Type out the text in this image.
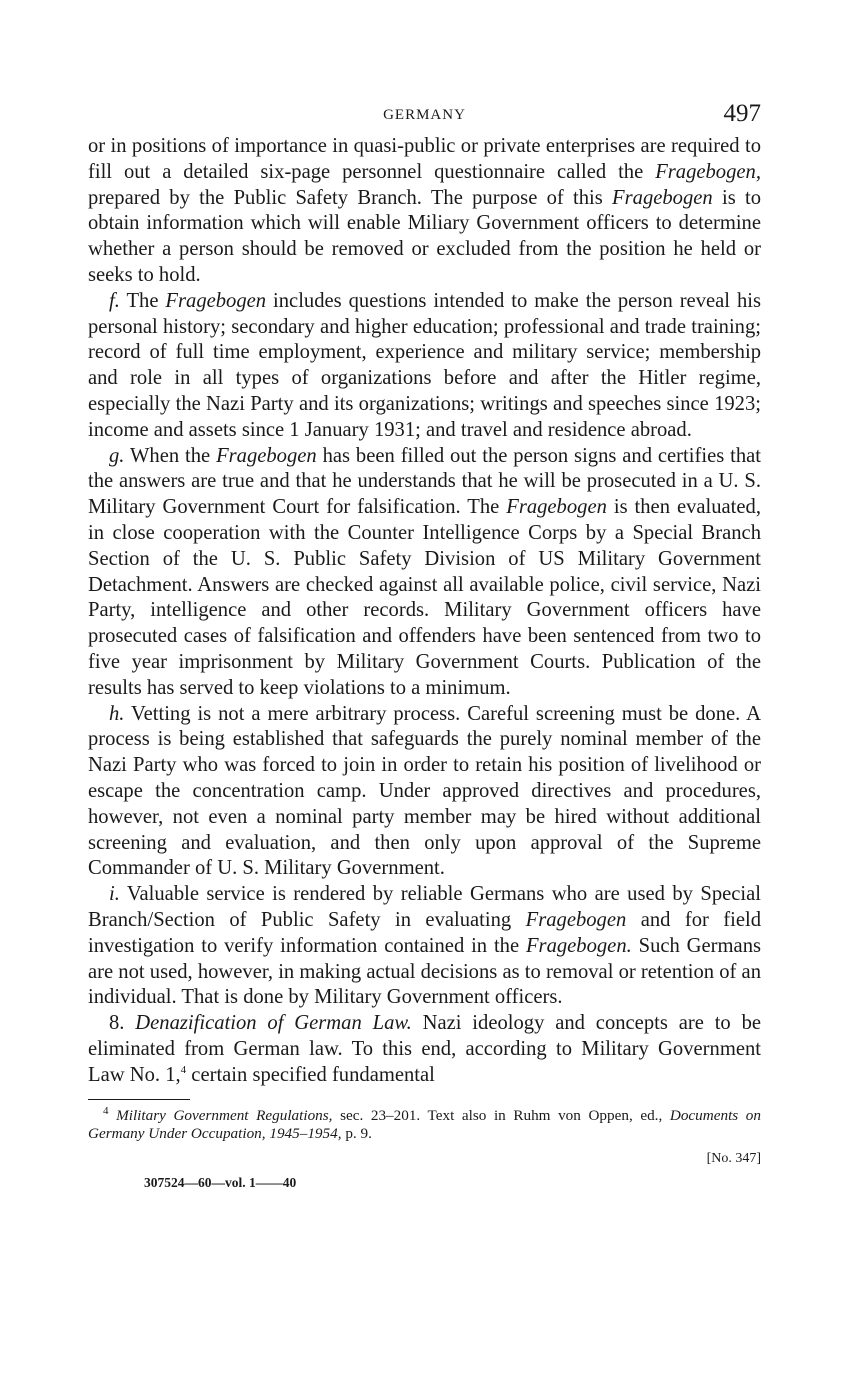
GERMANY	497

or in positions of importance in quasi-public or private enterprises are required to fill out a detailed six-page personnel questionnaire called the Fragebogen, prepared by the Public Safety Branch. The purpose of this Fragebogen is to obtain information which will enable Miliary Government officers to determine whether a person should be removed or excluded from the position he held or seeks to hold.

f. The Fragebogen includes questions intended to make the person reveal his personal history; secondary and higher education; professional and trade training; record of full time employment, experience and military service; membership and role in all types of organizations before and after the Hitler regime, especially the Nazi Party and its organizations; writings and speeches since 1923; income and assets since 1 January 1931; and travel and residence abroad.

g. When the Fragebogen has been filled out the person signs and certifies that the answers are true and that he understands that he will be prosecuted in a U. S. Military Government Court for falsification. The Fragebogen is then evaluated, in close cooperation with the Counter Intelligence Corps by a Special Branch Section of the U. S. Public Safety Division of US Military Government Detachment. Answers are checked against all available police, civil service, Nazi Party, intelligence and other records. Military Government officers have prosecuted cases of falsification and offenders have been sentenced from two to five year imprisonment by Military Government Courts. Publication of the results has served to keep violations to a minimum.

h. Vetting is not a mere arbitrary process. Careful screening must be done. A process is being established that safeguards the purely nominal member of the Nazi Party who was forced to join in order to retain his position of livelihood or escape the concentration camp. Under approved directives and procedures, however, not even a nominal party member may be hired without additional screening and evaluation, and then only upon approval of the Supreme Commander of U. S. Military Government.

i. Valuable service is rendered by reliable Germans who are used by Special Branch/Section of Public Safety in evaluating Fragebogen and for field investigation to verify information contained in the Fragebogen. Such Germans are not used, however, in making actual decisions as to removal or retention of an individual. That is done by Military Government officers.

8. Denazification of German Law. Nazi ideology and concepts are to be eliminated from German law. To this end, according to Military Government Law No. 1,$^4$ certain specified fundamental

$^4$ Military Government Regulations, sec. 23–201. Text also in Ruhm von Oppen, ed., Documents on Germany Under Occupation, 1945–1954, p. 9.

[No. 347]
307524—60—vol. 1——40
